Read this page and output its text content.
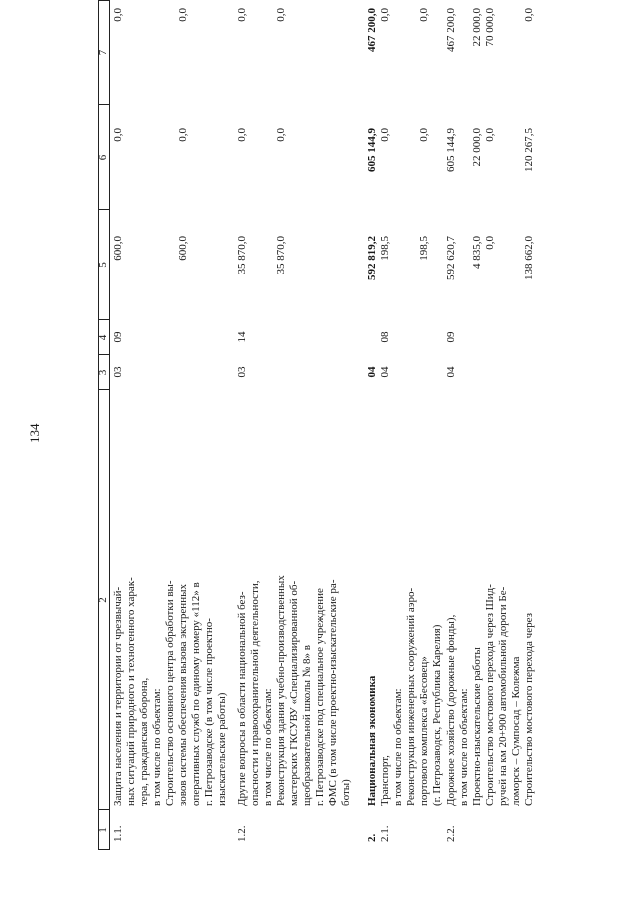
134
1
2
3
4
5
6
7
1.1.
Защита населения и территории от чрезвычай-
ных ситуаций природного и техногенного харак-
тера, гражданская оборона,
в том числе по объектам:
Строительство основного центра обработки вы-
зовов системы обеспечения вызова экстренных
оперативных служб по единому номеру «112» в
г. Петрозаводске (в том числе проектно-
изыскательские работы)
03
09
600,0

600,0
0,0

0,0
0,0

0,0
1.2.
Другие вопросы в области национальной без-
опасности и правоохранительной деятельности,
в том числе по объектам:
Реконструкция здания учебно-производственных
мастерских ГКСУВУ «Специализированной об-
щеобразовательной школы № 8» в
г. Петрозаводске под специальное учреждение
ФМС (в том числе проектно-изыскательские ра-
боты)
03
14
35 870,0

35 870,0
0,0

0,0
0,0

0,0
2.
Национальная экономика
04
592 819,2
605 144,9
467 200,0
2.1.
Транспорт,
в том числе по объектам:
Реконструкция инженерных сооружений аэро-
портового комплекса «Бесовец»
(г. Петрозаводск, Республика Карелия)
04
08
198,5

198,5
0,0

0,0
0,0

0,0
2.2.
Дорожное хозяйство (дорожные фонды),
в том числе по объектам:
Проектно-изыскательские работы
Строительство мостового перехода через Шид-
ручей на км 20+900 автомобильной дороги Бе-
ломорск – Сумпосад – Колежма
Строительство мостового перехода через
04
09
592 620,7

4 835,0
0,0

138 662,0
605 144,9

22 000,0
0,0

120 267,5
467 200,0

22 000,0
70 000,0

0,0
